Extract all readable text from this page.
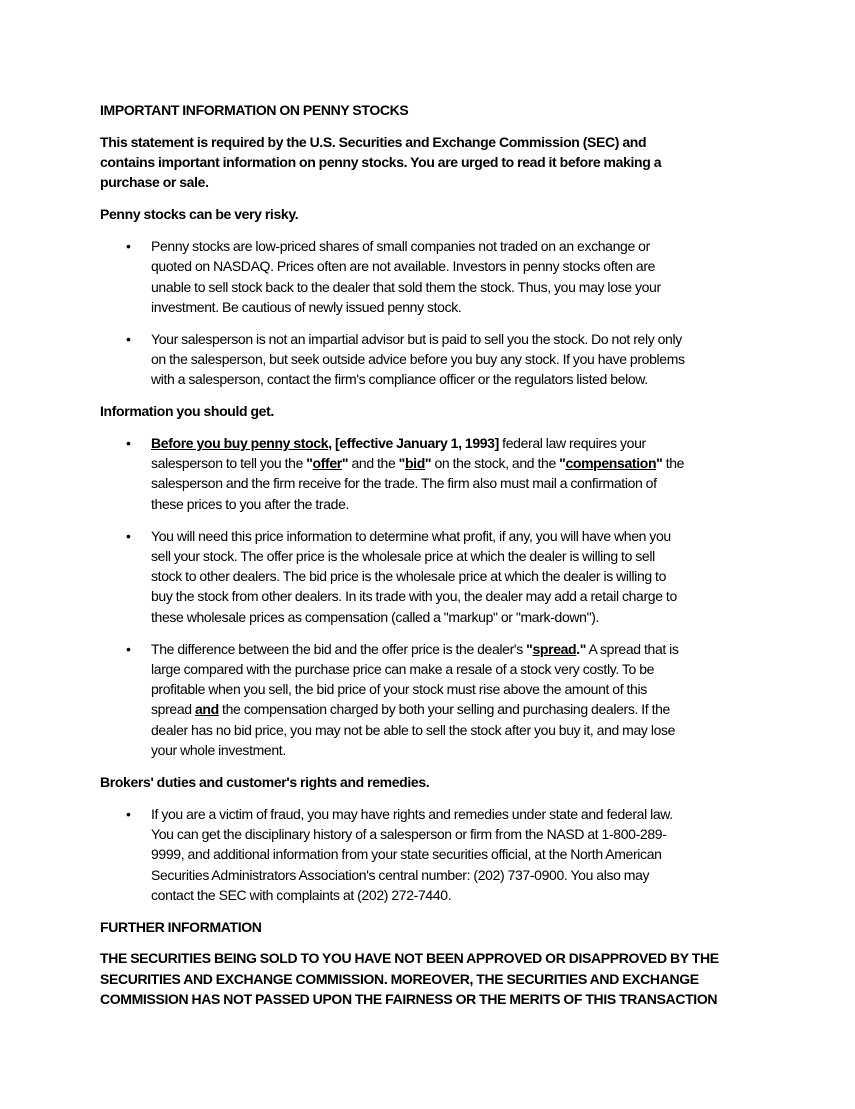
IMPORTANT INFORMATION ON PENNY STOCKS
This statement is required by the U.S. Securities and Exchange Commission (SEC) and
contains important information on penny stocks. You are urged to read it before making a
purchase or sale.
Penny stocks can be very risky.
• Penny stocks are low-priced shares of small companies not traded on an exchange or
quoted on NASDAQ. Prices often are not available. Investors in penny stocks often are
unable to sell stock back to the dealer that sold them the stock. Thus, you may lose your
investment. Be cautious of newly issued penny stock.
• Your salesperson is not an impartial advisor but is paid to sell you the stock. Do not rely only
on the salesperson, but seek outside advice before you buy any stock. If you have problems
with a salesperson, contact the firm's compliance officer or the regulators listed below.
Information you should get.
• Before you buy penny stock, [effective January 1, 1993] federal law requires your
salesperson to tell you the "offer" and the "bid" on the stock, and the "compensation" the
salesperson and the firm receive for the trade. The firm also must mail a confirmation of
these prices to you after the trade.
• You will need this price information to determine what profit, if any, you will have when you
sell your stock. The offer price is the wholesale price at which the dealer is willing to sell
stock to other dealers. The bid price is the wholesale price at which the dealer is willing to
buy the stock from other dealers. In its trade with you, the dealer may add a retail charge to
these wholesale prices as compensation (called a "markup" or "mark-down").
• The difference between the bid and the offer price is the dealer's "spread." A spread that is
large compared with the purchase price can make a resale of a stock very costly. To be
profitable when you sell, the bid price of your stock must rise above the amount of this
spread and the compensation charged by both your selling and purchasing dealers. If the
dealer has no bid price, you may not be able to sell the stock after you buy it, and may lose
your whole investment.
Brokers' duties and customer's rights and remedies.
• If you are a victim of fraud, you may have rights and remedies under state and federal law.
You can get the disciplinary history of a salesperson or firm from the NASD at 1-800-289-
9999, and additional information from your state securities official, at the North American
Securities Administrators Association's central number: (202) 737-0900. You also may
contact the SEC with complaints at (202) 272-7440.
FURTHER INFORMATION
THE SECURITIES BEING SOLD TO YOU HAVE NOT BEEN APPROVED OR DISAPPROVED BY THE
SECURITIES AND EXCHANGE COMMISSION. MOREOVER, THE SECURITIES AND EXCHANGE
COMMISSION HAS NOT PASSED UPON THE FAIRNESS OR THE MERITS OF THIS TRANSACTION
